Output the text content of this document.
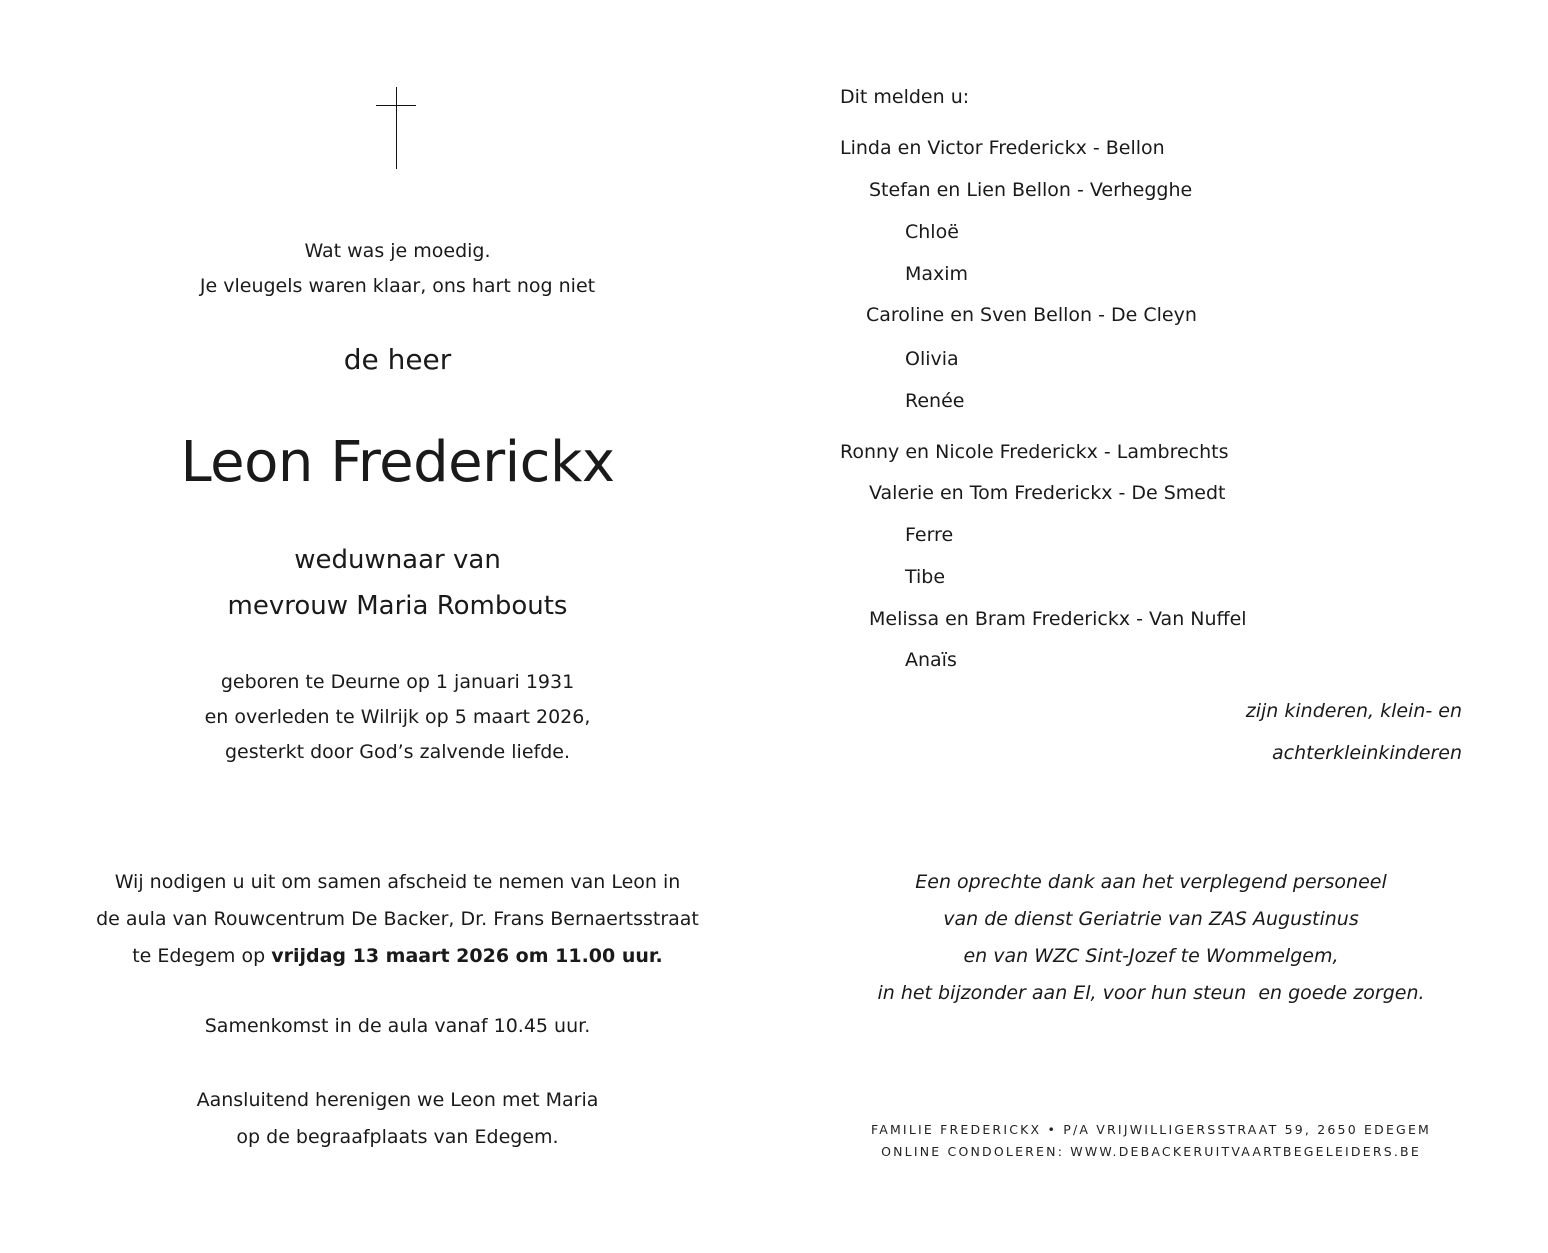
Wat was je moedig.
Je vleugels waren klaar, ons hart nog niet
de heer
Leon Frederickx
weduwnaar van
mevrouw Maria Rombouts
geboren te Deurne op 1 januari 1931
en overleden te Wilrijk op 5 maart 2026,
gesterkt door God’s zalvende liefde.
Wij nodigen u uit om samen afscheid te nemen van Leon in
de aula van Rouwcentrum De Backer, Dr. Frans Bernaertsstraat
te Edegem op vrijdag 13 maart 2026 om 11.00 uur.
Samenkomst in de aula vanaf 10.45 uur.
Aansluitend herenigen we Leon met Maria
op de begraafplaats van Edegem.
Dit melden u:
Linda en Victor Frederickx - Bellon
Stefan en Lien Bellon - Verhegghe
Chloë
Maxim
Caroline en Sven Bellon - De Cleyn
Olivia
Renée
Ronny en Nicole Frederickx - Lambrechts
Valerie en Tom Frederickx - De Smedt
Ferre
Tibe
Melissa en Bram Frederickx - Van Nuffel
Anaïs
zijn kinderen, klein- en
achterkleinkinderen
Een oprechte dank aan het verplegend personeel
van de dienst Geriatrie van ZAS Augustinus
en van WZC Sint-Jozef te Wommelgem,
in het bijzonder aan El, voor hun steun  en goede zorgen.
FAMILIE FREDERICKX • P/A VRIJWILLIGERSSTRAAT 59, 2650 EDEGEM
ONLINE CONDOLEREN: WWW.DEBACKERUITVAARTBEGELEIDERS.BE
